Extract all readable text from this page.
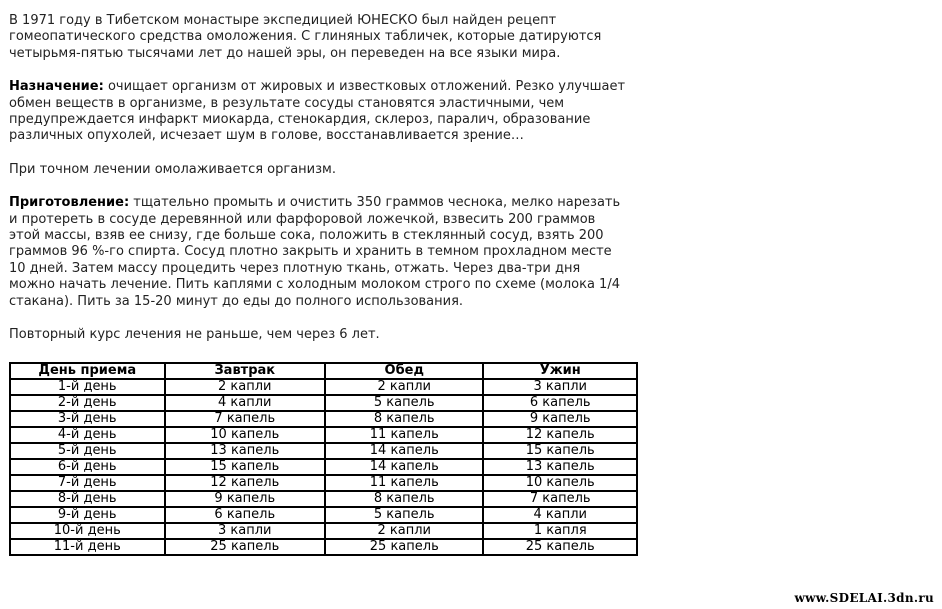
В 1971 году в Тибетском монастыре экспедицией ЮНЕСКО был найден рецепт гомеопатического средства омоложения. С глиняных табличек, которые датируются четырьмя-пятью тысячами лет до нашей эры, он переведен на все языки мира.

Назначение: очищает организм от жировых и известковых отложений. Резко улучшает обмен веществ в организме, в результате сосуды становятся эластичными, чем предупреждается инфаркт миокарда, стенокардия, склероз, паралич, образование различных опухолей, исчезает шум в голове, восстанавливается зрение…

При точном лечении омолаживается организм.

Приготовление: тщательно промыть и очистить 350 граммов чеснока, мелко нарезать и протереть в сосуде деревянной или фарфоровой ложечкой, взвесить 200 граммов этой массы, взяв ее снизу, где больше сока, положить в стеклянный сосуд, взять 200 граммов 96 %-го спирта. Сосуд плотно закрыть и хранить в темном прохладном месте 10 дней. Затем массу процедить через плотную ткань, отжать. Через два-три дня можно начать лечение. Пить каплями с холодным молоком строго по схеме (молока 1/4 стакана). Пить за 15-20 минут до еды до полного использования.

Повторный курс лечения не раньше, чем через 6 лет.

День приема	Завтрак	Обед	Ужин
1-й день	2 капли	2 капли	3 капли
2-й день	4 капли	5 капель	6 капель
3-й день	7 капель	8 капель	9 капель
4-й день	10 капель	11 капель	12 капель
5-й день	13 капель	14 капель	15 капель
6-й день	15 капель	14 капель	13 капель
7-й день	12 капель	11 капель	10 капель
8-й день	9 капель	8 капель	7 капель
9-й день	6 капель	5 капель	4 капли
10-й день	3 капли	2 капли	1 капля
11-й день	25 капель	25 капель	25 капель
www.SDELAI.3dn.ru
